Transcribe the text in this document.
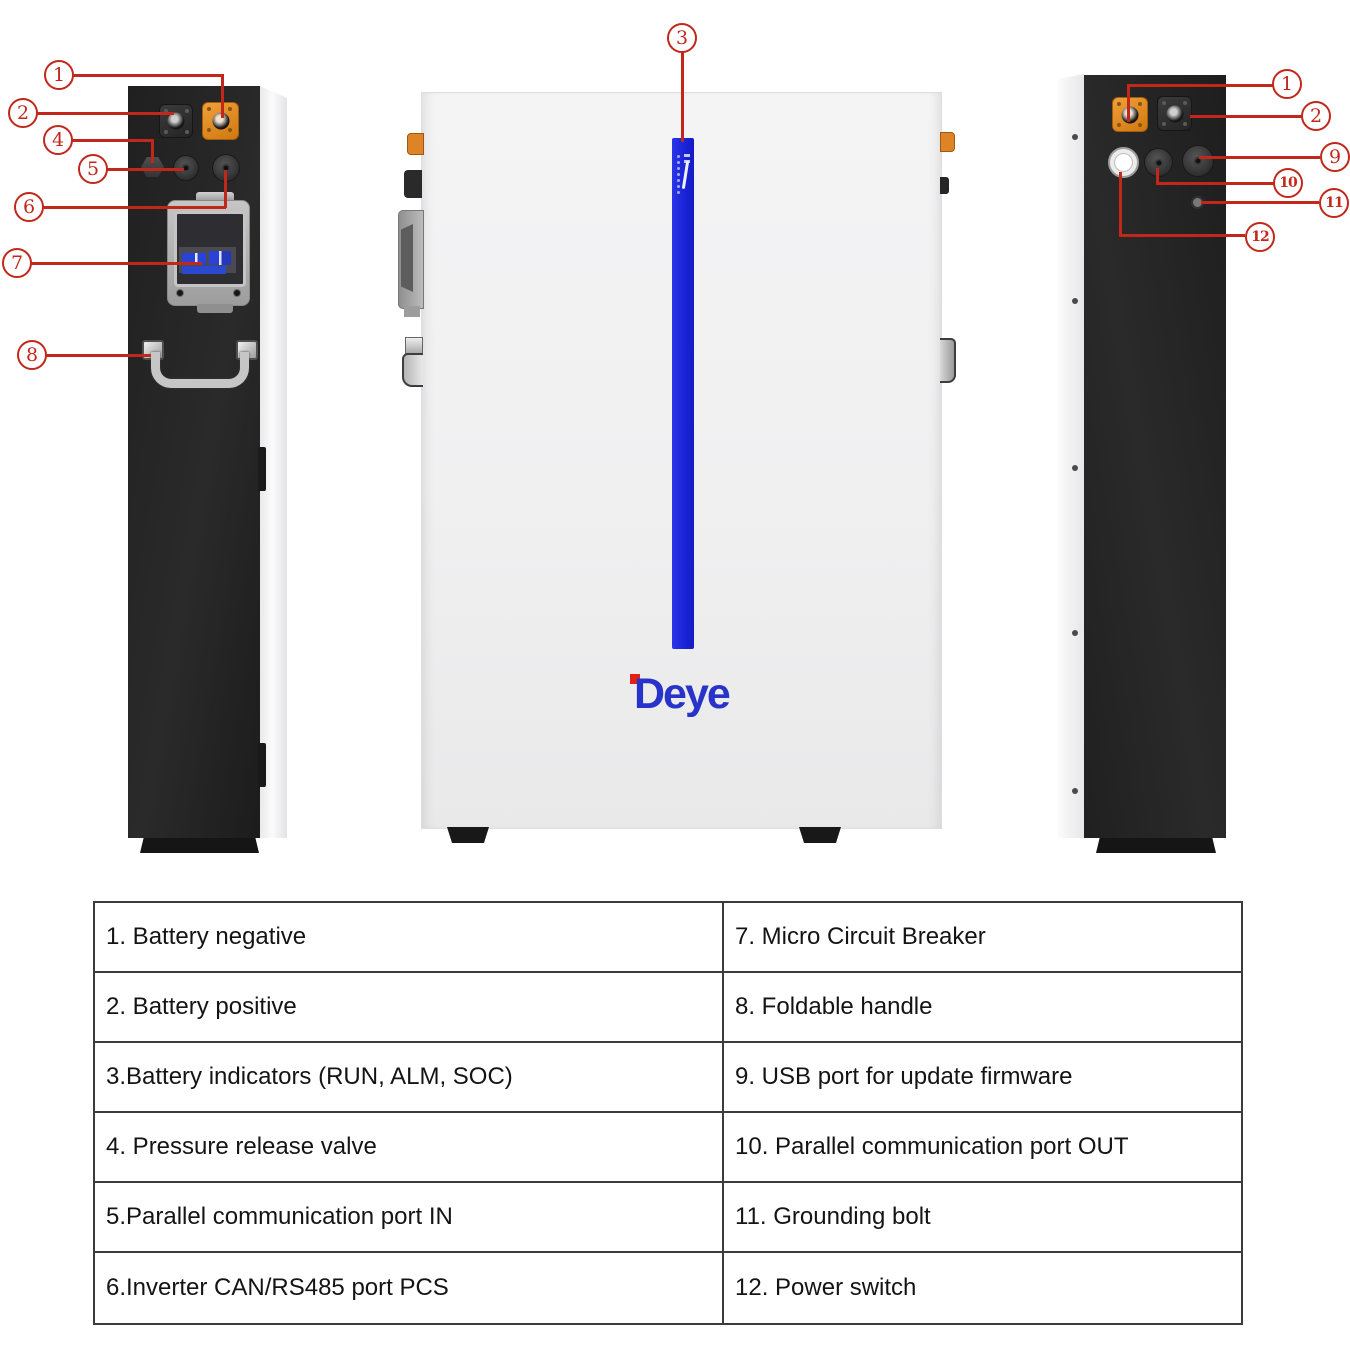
Deye
1
2
4
5
6
7
8
3
1
2
9
10
11
12
1. Battery negative	7. Micro Circuit Breaker
2. Battery positive	8. Foldable handle
3.Battery indicators (RUN, ALM, SOC)	9. USB port for update firmware
4. Pressure release valve	10. Parallel communication port OUT
5.Parallel communication port IN	11. Grounding bolt
6.Inverter CAN/RS485 port PCS	12. Power switch
